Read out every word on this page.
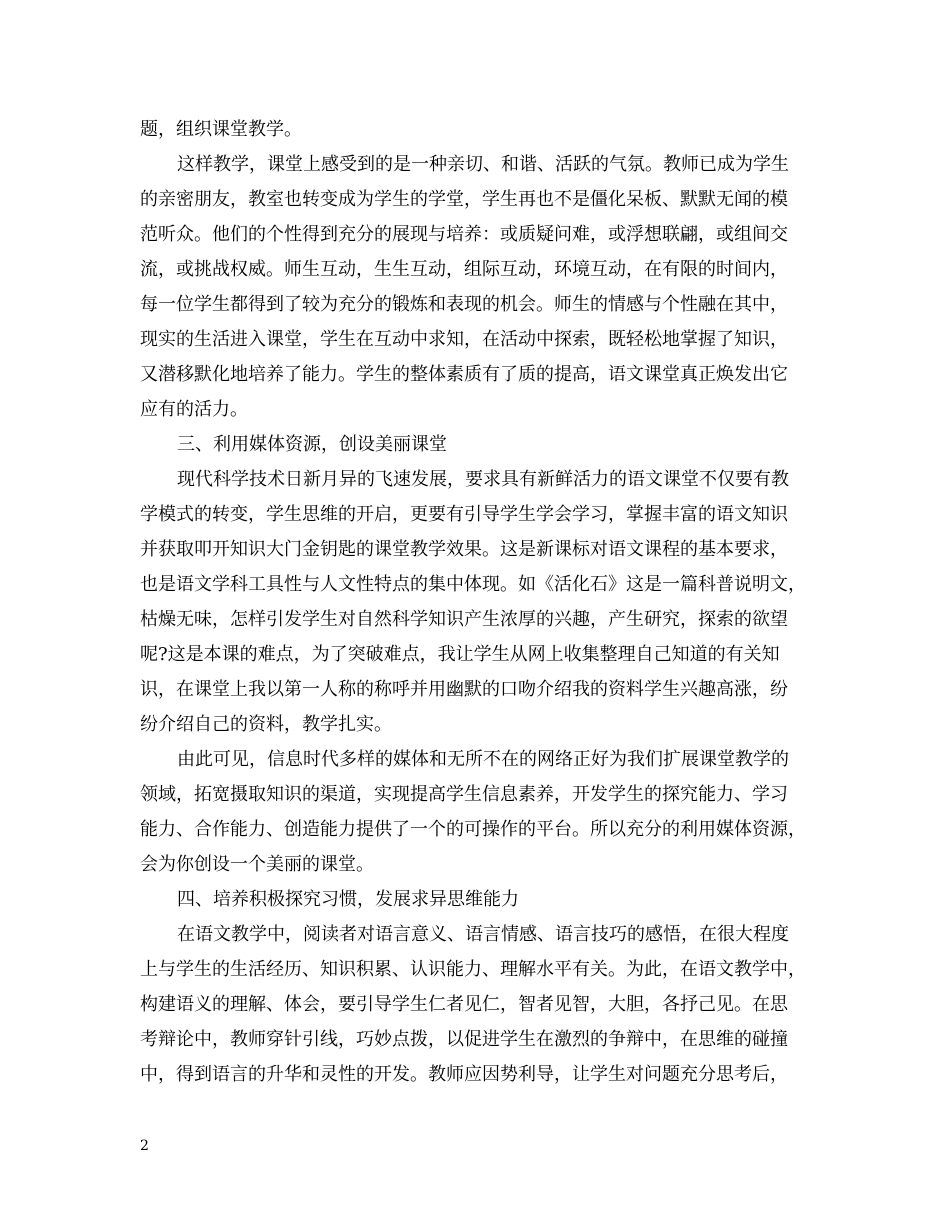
题，组织课堂教学。

这样教学，课堂上感受到的是一种亲切、和谐、活跃的气氛。教师已成为学生

的亲密朋友，教室也转变成为学生的学堂，学生再也不是僵化呆板、默默无闻的模

范听众。他们的个性得到充分的展现与培养：或质疑问难，或浮想联翩，或组间交

流，或挑战权威。师生互动，生生互动，组际互动，环境互动，在有限的时间内，

每一位学生都得到了较为充分的锻炼和表现的机会。师生的情感与个性融在其中，

现实的生活进入课堂，学生在互动中求知，在活动中探索，既轻松地掌握了知识，

又潜移默化地培养了能力。学生的整体素质有了质的提高，语文课堂真正焕发出它

应有的活力。

三、利用媒体资源，创设美丽课堂

现代科学技术日新月异的飞速发展，要求具有新鲜活力的语文课堂不仅要有教

学模式的转变，学生思维的开启，更要有引导学生学会学习，掌握丰富的语文知识

并获取叩开知识大门金钥匙的课堂教学效果。这是新课标对语文课程的基本要求，

也是语文学科工具性与人文性特点的集中体现。如《活化石》这是一篇科普说明文，

枯燥无味，怎样引发学生对自然科学知识产生浓厚的兴趣，产生研究，探索的欲望

呢?这是本课的难点，为了突破难点，我让学生从网上收集整理自己知道的有关知

识，在课堂上我以第一人称的称呼并用幽默的口吻介绍我的资料学生兴趣高涨，纷

纷介绍自己的资料，教学扎实。

由此可见，信息时代多样的媒体和无所不在的网络正好为我们扩展课堂教学的

领域，拓宽摄取知识的渠道，实现提高学生信息素养，开发学生的探究能力、学习

能力、合作能力、创造能力提供了一个的可操作的平台。所以充分的利用媒体资源，

会为你创设一个美丽的课堂。

四、培养积极探究习惯，发展求异思维能力

在语文教学中，阅读者对语言意义、语言情感、语言技巧的感悟，在很大程度

上与学生的生活经历、知识积累、认识能力、理解水平有关。为此，在语文教学中，

构建语义的理解、体会，要引导学生仁者见仁，智者见智，大胆，各抒己见。在思

考辩论中，教师穿针引线，巧妙点拨，以促进学生在激烈的争辩中，在思维的碰撞

中，得到语言的升华和灵性的开发。教师应因势利导，让学生对问题充分思考后，

2
